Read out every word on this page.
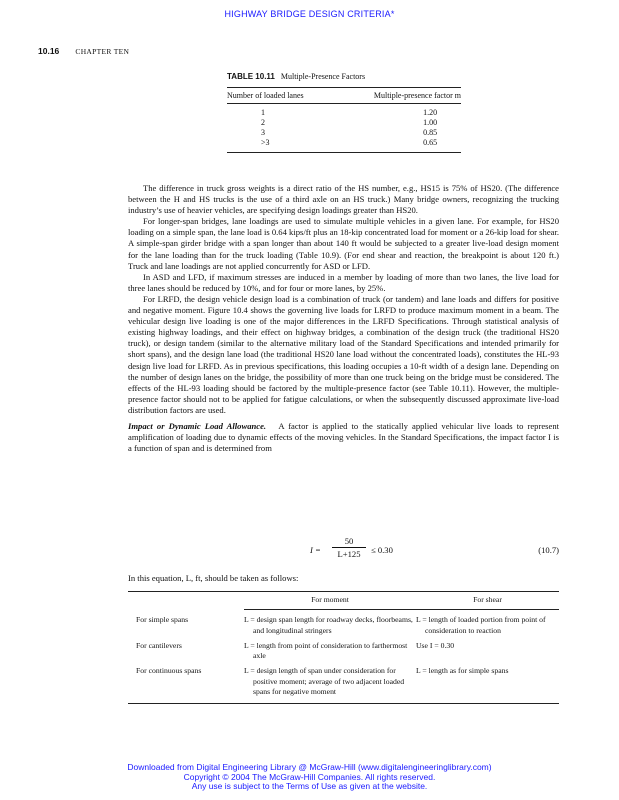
HIGHWAY BRIDGE DESIGN CRITERIA*
10.16 CHAPTER TEN
TABLE 10.11 Multiple-Presence Factors
Number of loaded lanes	Multiple-presence factor m
1	1.20
2	1.00
3	0.85
>3	0.65

The difference in truck gross weights is a direct ratio of the HS number, e.g., HS15 is 75% of HS20. (The difference between the H and HS trucks is the use of a third axle on an HS truck.) Many bridge owners, recognizing the trucking industry’s use of heavier vehicles, are specifying design loadings greater than HS20.

For longer-span bridges, lane loadings are used to simulate multiple vehicles in a given lane. For example, for HS20 loading on a simple span, the lane load is 0.64 kips/ft plus an 18-kip concentrated load for moment or a 26-kip load for shear. A simple-span girder bridge with a span longer than about 140 ft would be subjected to a greater live-load design moment for the lane loading than for the truck loading (Table 10.9). (For end shear and reaction, the breakpoint is about 120 ft.) Truck and lane loadings are not applied concurrently for ASD or LFD.

In ASD and LFD, if maximum stresses are induced in a member by loading of more than two lanes, the live load for three lanes should be reduced by 10%, and for four or more lanes, by 25%.

For LRFD, the design vehicle design load is a combination of truck (or tandem) and lane loads and differs for positive and negative moment. Figure 10.4 shows the governing live loads for LRFD to produce maximum moment in a beam. The vehicular design live loading is one of the major differences in the LRFD Specifications. Through statistical analysis of existing highway loadings, and their effect on highway bridges, a combination of the design truck (the traditional HS20 truck), or design tandem (similar to the alternative military load of the Standard Specifications and intended primarily for short spans), and the design lane load (the traditional HS20 lane load without the concentrated loads), constitutes the HL-93 design live load for LRFD. As in previous specifications, this loading occupies a 10-ft width of a design lane. Depending on the number of design lanes on the bridge, the possibility of more than one truck being on the bridge must be considered. The effects of the HL-93 loading should be factored by the multiple-presence factor (see Table 10.11). However, the multiple-presence factor should not to be applied for fatigue calculations, or when the subsequently discussed approximate live-load distribution factors are used.

Impact or Dynamic Load Allowance. A factor is applied to the statically applied vehicular live loads to represent amplification of loading due to dynamic effects of the moving vehicles. In the Standard Specifications, the impact factor I is a function of span and is determined from

$I = \frac{50}{L+125} \le 0.30$	(10.7)
In this equation, L, ft, should be taken as follows:
	For moment	For shear
For simple spans	L = design span length for roadway decks, floorbeams, and longitudinal stringers	L = length of loaded portion from point of consideration to reaction

For cantilevers	L = length from point of consideration to farthermost axle	Use I = 0.30

For continuous spans	L = design length of span under consideration for positive moment; average of two adjacent loaded spans for negative moment	L = length as for simple spans
Downloaded from Digital Engineering Library @ McGraw-Hill (www.digitalengineeringlibrary.com)
Copyright © 2004 The McGraw-Hill Companies. All rights reserved.
Any use is subject to the Terms of Use as given at the website.
